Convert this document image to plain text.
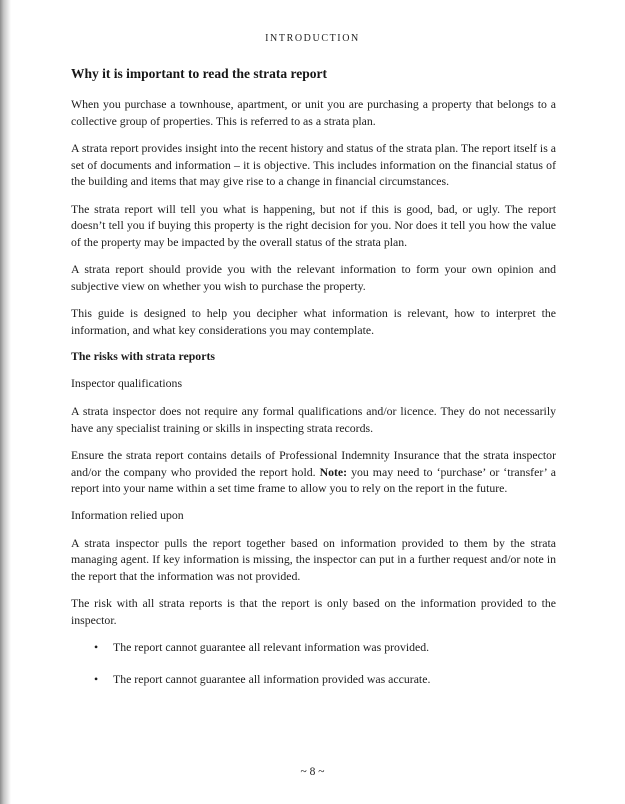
INTRODUCTION
Why it is important to read the strata report

When you purchase a townhouse, apartment, or unit you are purchasing a property that belongs to a collective group of properties. This is referred to as a strata plan.

A strata report provides insight into the recent history and status of the strata plan. The report itself is a set of documents and information – it is objective. This includes information on the financial status of the building and items that may give rise to a change in financial circumstances.

The strata report will tell you what is happening, but not if this is good, bad, or ugly. The report doesn’t tell you if buying this property is the right decision for you. Nor does it tell you how the value of the property may be impacted by the overall status of the strata plan.

A strata report should provide you with the relevant information to form your own opinion and subjective view on whether you wish to purchase the property.

This guide is designed to help you decipher what information is relevant, how to interpret the information, and what key considerations you may contemplate.

The risks with strata reports
Inspector qualifications

A strata inspector does not require any formal qualifications and/or licence. They do not necessarily have any specialist training or skills in inspecting strata records.

Ensure the strata report contains details of Professional Indemnity Insurance that the strata inspector and/or the company who provided the report hold. Note: you may need to ‘purchase’ or ‘transfer’ a report into your name within a set time frame to allow you to rely on the report in the future.

Information relied upon

A strata inspector pulls the report together based on information provided to them by the strata managing agent. If key information is missing, the inspector can put in a further request and/or note in the report that the information was not provided.

The risk with all strata reports is that the report is only based on the information provided to the inspector.

• The report cannot guarantee all relevant information was provided.
• The report cannot guarantee all information provided was accurate.
~ 8 ~
